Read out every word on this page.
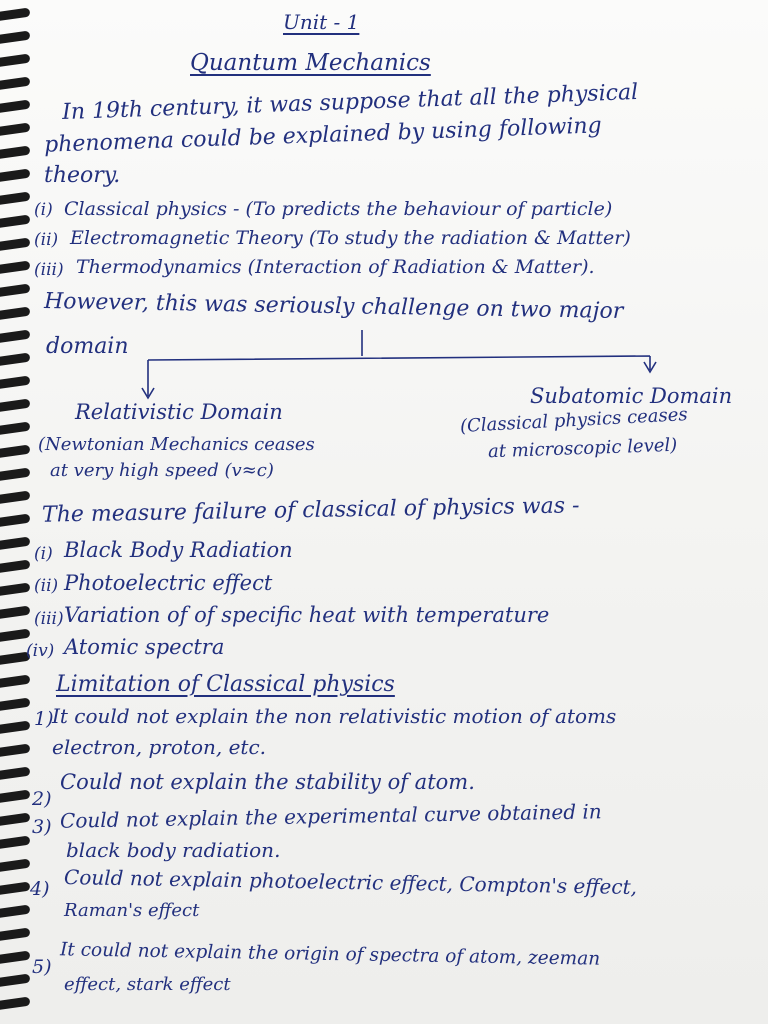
Unit - 1
Quantum Mechanics
In 19th century, it was suppose that all the physical
phenomena could be explained by using following
theory.
(i) Classical physics - (To predicts the behaviour of particle)
(ii) Electromagnetic Theory (To study the radiation & Matter)
(iii) Thermodynamics (Interaction of Radiation & Matter).
However, this was seriously challenge on two major
domain
Relativistic Domain
(Newtonian Mechanics ceases
at very high speed (v≈c)
Subatomic Domain
(Classical physics ceases
at microscopic level)
The measure failure of classical of physics was -
(i) Black Body Radiation
(ii) Photoelectric effect
(iii) Variation of of specific heat with temperature
(iv) Atomic spectra
Limitation of Classical physics
1)
It could not explain the non relativistic motion of atoms
electron, proton, etc.
2)
Could not explain the stability of atom.
3) Could not explain the experimental curve obtained in
black body radiation.
4) Could not explain photoelectric effect, Compton's effect,
Raman's effect
5) It could not explain the origin of spectra of atom, zeeman
effect, stark effect
